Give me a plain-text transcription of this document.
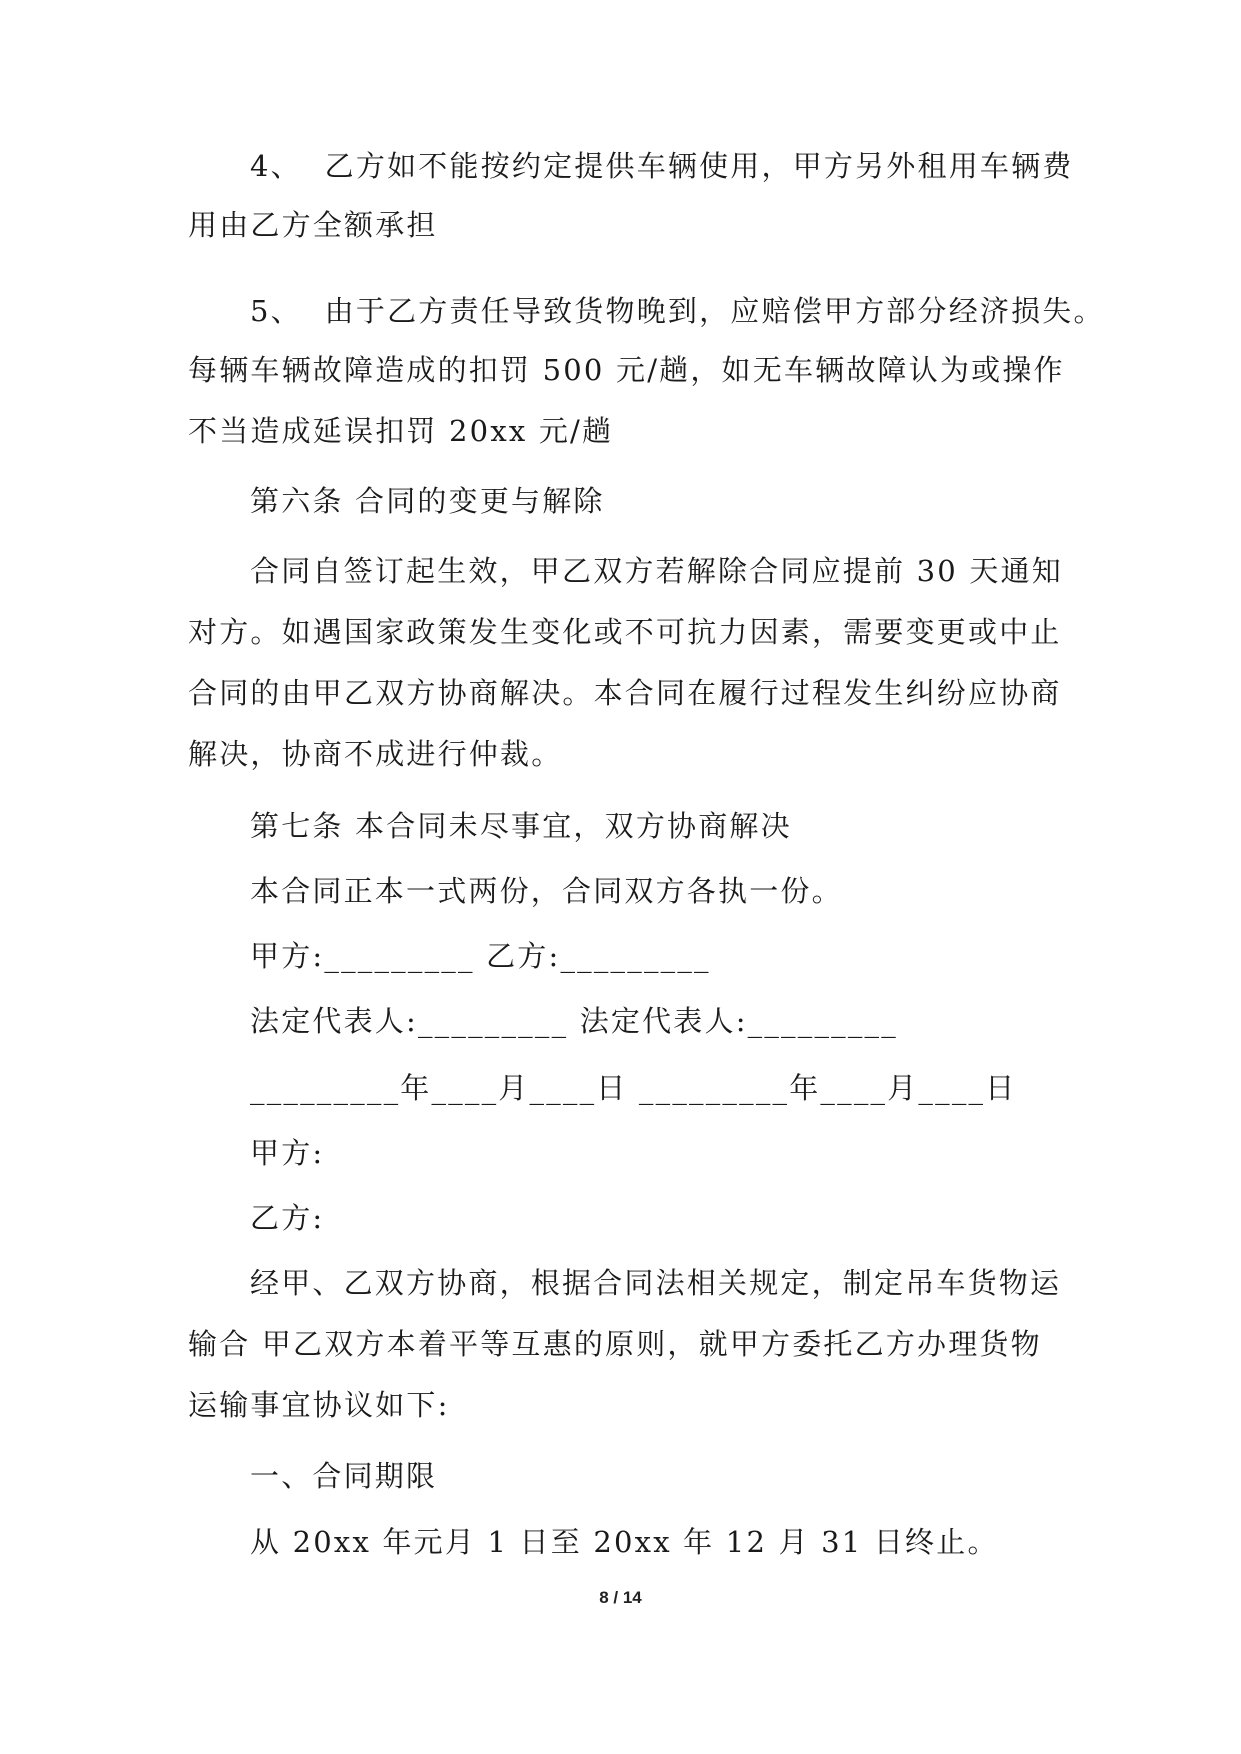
4、  乙方如不能按约定提供车辆使用，甲方另外租用车辆费
用由乙方全额承担
5、  由于乙方责任导致货物晚到，应赔偿甲方部分经济损失。
每辆车辆故障造成的扣罚 500 元/趟，如无车辆故障认为或操作
不当造成延误扣罚 20xx 元/趟
第六条 合同的变更与解除
合同自签订起生效，甲乙双方若解除合同应提前 30 天通知
对方。如遇国家政策发生变化或不可抗力因素，需要变更或中止
合同的由甲乙双方协商解决。本合同在履行过程发生纠纷应协商
解决，协商不成进行仲裁。
第七条 本合同未尽事宜，双方协商解决
本合同正本一式两份，合同双方各执一份。
甲方:_________ 乙方:_________
法定代表人:_________ 法定代表人:_________
_________年____月____日 _________年____月____日
甲方:
乙方:
经甲、乙双方协商，根据合同法相关规定，制定吊车货物运
输合 甲乙双方本着平等互惠的原则，就甲方委托乙方办理货物
运输事宜协议如下:
一、合同期限
从 20xx 年元月 1 日至 20xx 年 12 月 31 日终止。
8 / 14
